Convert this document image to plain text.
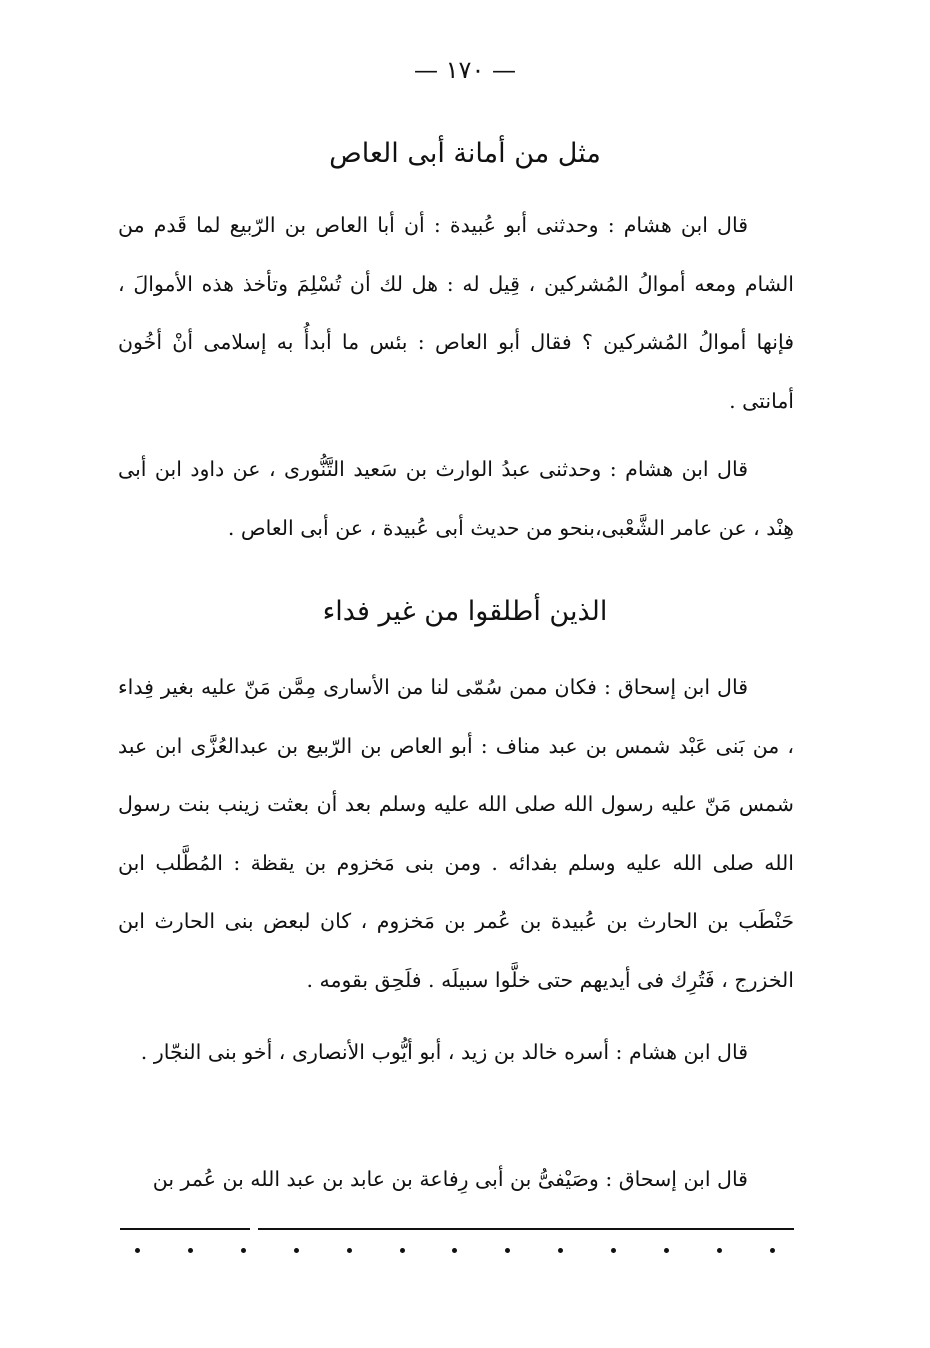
— ١٧٠ —
مثل من أمانة أبى العاص

قال ابن هشام : وحدثنى أبو عُبيدة : أن أبا العاص بن الرّبيع لما قَدم من الشام ومعه أموالُ المُشركين ، قِيل له : هل لك أن تُسْلِمَ وتأخذ هذه الأموالَ ، فإنها أموالُ المُشركين ؟ فقال أبو العاص : بئس ما أبدأُ به إسلامى أنْ أخُون أمانتى .

قال ابن هشام : وحدثنى عبدُ الوارث بن سَعيد التَّنُّورى ، عن داود ابن أبى هِنْد ، عن عامر الشَّعْبى،بنحو من حديث أبى عُبيدة ، عن أبى العاص .

الذين أطلقوا من غير فداء

قال ابن إسحاق : فكان ممن سُمّى لنا من الأسارى مِمَّن مَنّ عليه بغير فِداء ، من بَنى عَبْد شمس بن عبد مناف : أبو العاص بن الرّبيع بن عبدالعُزَّى ابن عبد شمس مَنّ عليه رسول الله صلى الله عليه وسلم بعد أن بعثت زينب بنت رسول الله صلى الله عليه وسلم بفدائه . ومن بنى مَخزوم بن يقظة : المُطَّلب ابن حَنْطَب بن الحارث بن عُبيدة بن عُمر بن مَخزوم ، كان لبعض بنى الحارث ابن الخزرج ، فَتُرِك فى أيديهم حتى خلَّوا سبيلَه . فلَحِق بقومه .

قال ابن هشام : أسره خالد بن زيد ، أبو أيُّوب الأنصارى ، أخو بنى النجّار .

قال ابن إسحاق : وصَيْفىُّ بن أبى رِفاعة بن عابد بن عبد الله بن عُمر بن
